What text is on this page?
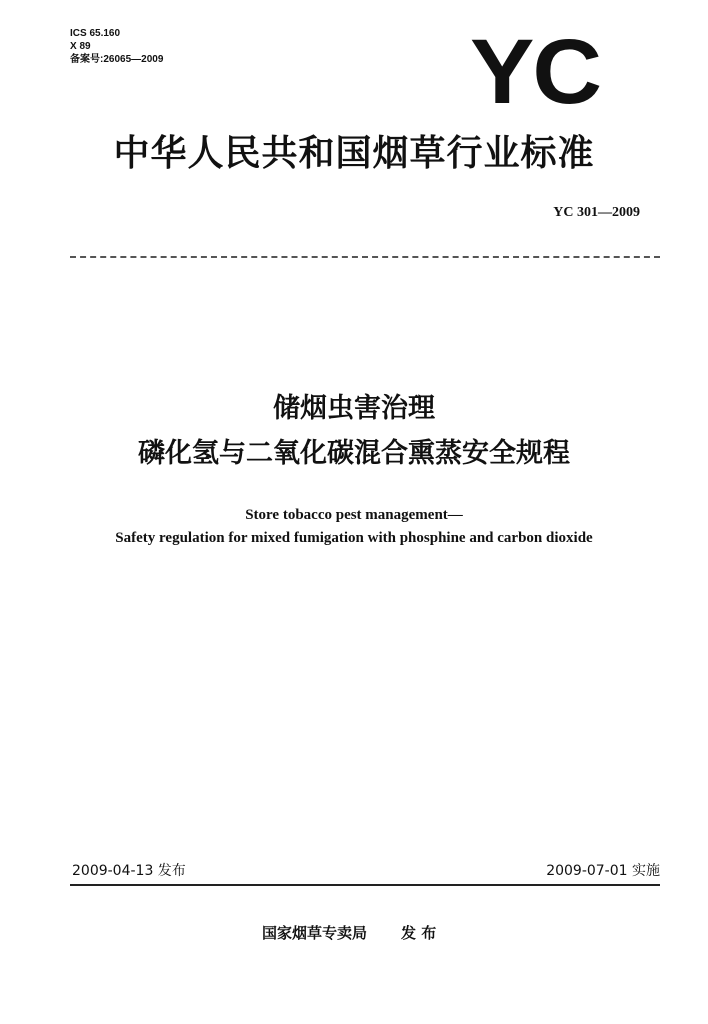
ICS 65.160
X 89
备案号:26065—2009	YC
中华人民共和国烟草行业标准
YC 301—2009
储烟虫害治理
磷化氢与二氧化碳混合熏蒸安全规程
Store tobacco pest management—
Safety regulation for mixed fumigation with phosphine and carbon dioxide
2009-04-13 发布	2009-07-01 实施
国家烟草专卖局 发 布
